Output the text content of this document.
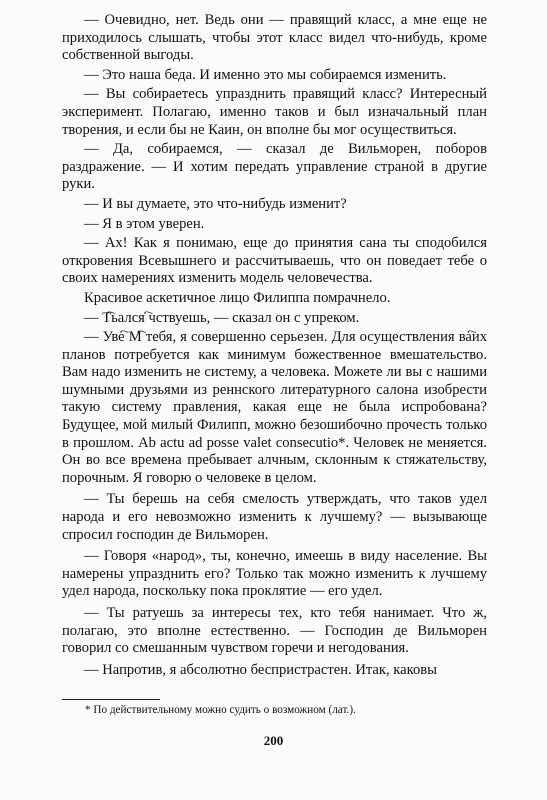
— Очевидно, нет. Ведь они — правящий класс, а мне еще не приходилось слышать, чтобы этот класс видел что-нибудь, кроме собственной выгоды.

— Это наша беда. И именно это мы собираемся изменить.

— Вы собираетесь упразднить правящий класс? Интересный эксперимент. Полагаю, именно таков и был изначальный план творения, и если бы не Каин, он вполне бы мог осуществиться.

— Да, собираемся, — сказал де Вильморен, поборов раздражение. — И хотим передать управление страной в другие руки.

— И вы думаете, это что-нибудь изменит?

— Я в этом уверен.

— Ах! Как я понимаю, еще до принятия сана ты сподобился откровения Всевышнего и рассчитываешь, что он поведает тебе о своих намерениях изменить модель человечества.

Красивое аскетичное лицо Филиппа помрачнело.

— Т҇ьался ҇чствуешь, — сказал он с упреком.

— Уве҇ М҇ тебя, я совершенно серьезен. Для осуществления ва҇их планов потребуется как минимум божественное вмешательство. Вам надо изменить не систему, а человека. Можете ли вы с нашими шумными друзьями из реннского литературного салона изобрести такую систему правления, какая еще не была испробована? Будущее, мой милый Филипп, можно безошибочно прочесть только в прошлом. Ab actu ad posse valet consecutio*. Человек не меняется. Он во все времена пребывает алчным, склонным к стяжательству, порочным. Я говорю о человеке в целом.

— Ты берешь на себя смелость утверждать, что таков удел народа и его невозможно изменить к лучшему? — вызывающе спросил господин де Вильморен.

— Говоря «народ», ты, конечно, имеешь в виду население. Вы намерены упразднить его? Только так можно изменить к лучшему удел народа, поскольку пока проклятие — его удел.

— Ты ратуешь за интересы тех, кто тебя нанимает. Что ж, полагаю, это вполне естественно. — Господин де Вильморен говорил со смешанным чувством горечи и негодования.

— Напротив, я абсолютно беспристрастен. Итак, каковы

* По действительному можно судить о возможном (лат.).
200
